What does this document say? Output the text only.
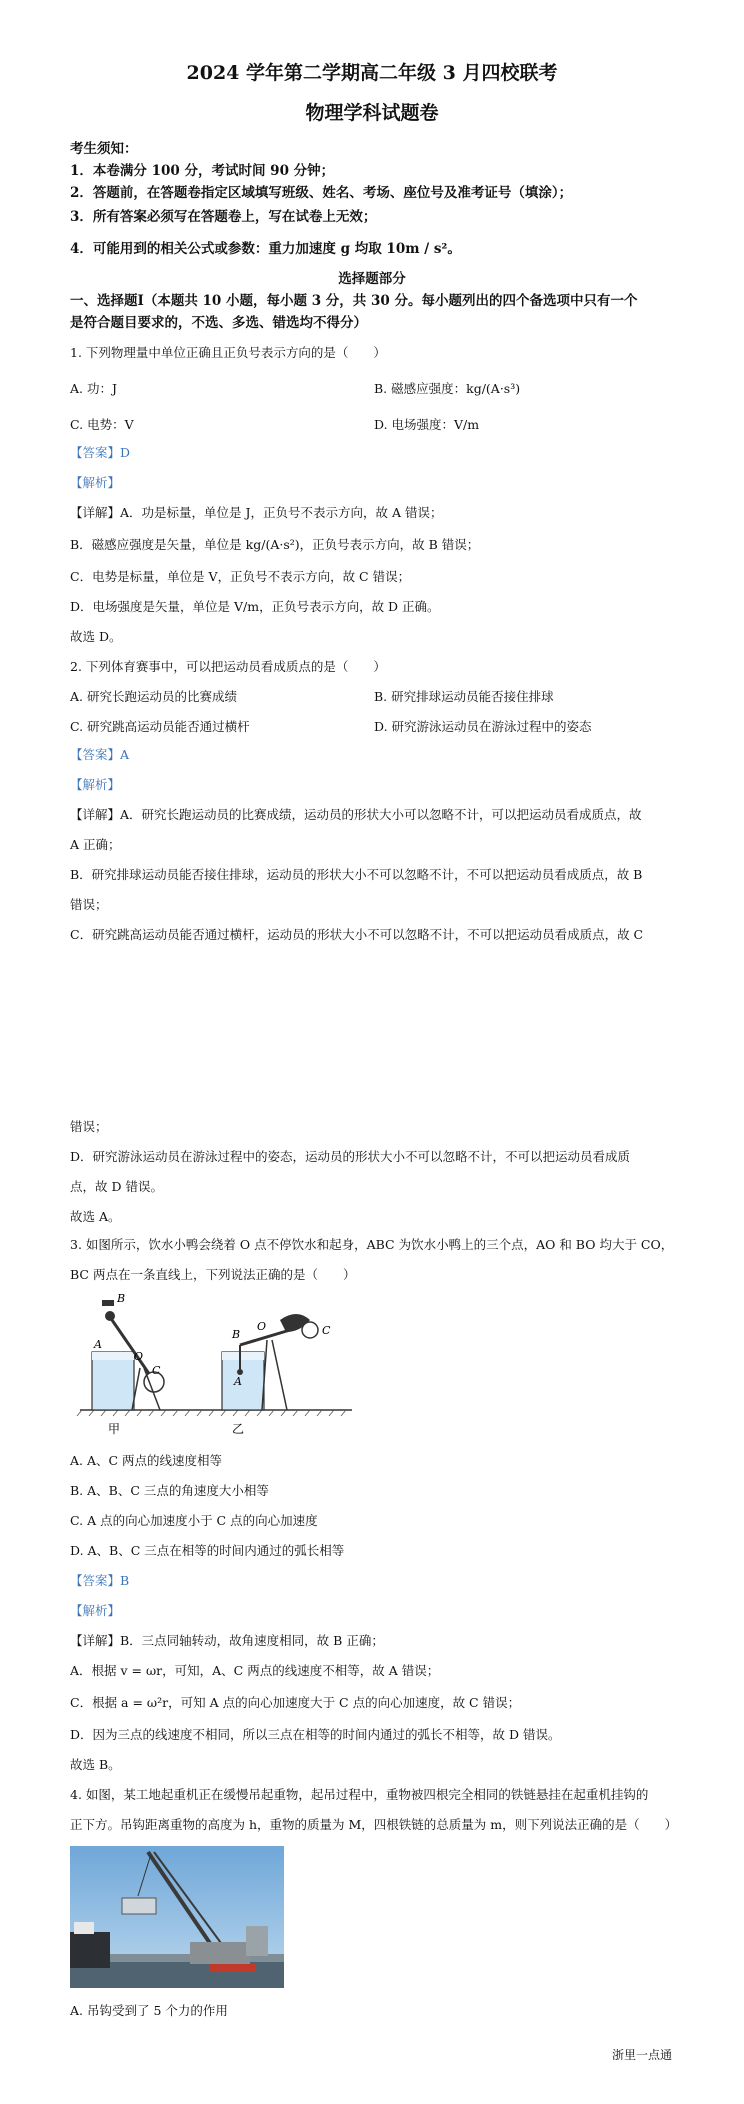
2024 学年第二学期高二年级 3 月四校联考
物理学科试题卷
考生须知：
1．本卷满分 100 分，考试时间 90 分钟；
2．答题前，在答题卷指定区域填写班级、姓名、考场、座位号及准考证号（填涂）；
3．所有答案必须写在答题卷上，写在试卷上无效；
4．可能用到的相关公式或参数：重力加速度 g 均取 10m / s²。
选择题部分
一、选择题Ⅰ（本题共 10 小题，每小题 3 分，共 30 分。每小题列出的四个备选项中只有一个
是符合题目要求的，不选、多选、错选均不得分）
1. 下列物理量中单位正确且正负号表示方向的是（　　）
A. 功：J	B. 磁感应强度：kg/(A·s³)
C. 电势：V	D. 电场强度：V/m
【答案】D
【解析】
【详解】A．功是标量，单位是 J，正负号不表示方向，故 A 错误；
B．磁感应强度是矢量，单位是 kg/(A·s²)，正负号表示方向，故 B 错误；
C．电势是标量，单位是 V，正负号不表示方向，故 C 错误；
D．电场强度是矢量，单位是 V/m，正负号表示方向，故 D 正确。
故选 D。
2. 下列体育赛事中，可以把运动员看成质点的是（　　）
A. 研究长跑运动员的比赛成绩	B. 研究排球运动员能否接住排球
C. 研究跳高运动员能否通过横杆	D. 研究游泳运动员在游泳过程中的姿态
【答案】A
【解析】
【详解】A．研究长跑运动员的比赛成绩，运动员的形状大小可以忽略不计，可以把运动员看成质点，故
A 正确；
B．研究排球运动员能否接住排球，运动员的形状大小不可以忽略不计，不可以把运动员看成质点，故 B
错误；
C．研究跳高运动员能否通过横杆，运动员的形状大小不可以忽略不计，不可以把运动员看成质点，故 C
错误；
D．研究游泳运动员在游泳过程中的姿态，运动员的形状大小不可以忽略不计，不可以把运动员看成质
点，故 D 错误。
故选 A。
3. 如图所示，饮水小鸭会绕着 O 点不停饮水和起身，ABC 为饮水小鸭上的三个点，AO 和 BO 均大于 CO，
BC 两点在一条直线上，下列说法正确的是（　　）
B
A
O
C
B
A
O	C
甲	乙
A. A、C 两点的线速度相等
B. A、B、C 三点的角速度大小相等
C. A 点的向心加速度小于 C 点的向心加速度
D. A、B、C 三点在相等的时间内通过的弧长相等
【答案】B
【解析】
【详解】B．三点同轴转动，故角速度相同，故 B 正确；
A．根据 v = ωr，可知，A、C 两点的线速度不相等，故 A 错误；
C．根据 a = ω²r，可知 A 点的向心加速度大于 C 点的向心加速度，故 C 错误；
D．因为三点的线速度不相同，所以三点在相等的时间内通过的弧长不相等，故 D 错误。
故选 B。
4. 如图，某工地起重机正在缓慢吊起重物，起吊过程中，重物被四根完全相同的铁链悬挂在起重机挂钩的
正下方。吊钩距离重物的高度为 h，重物的质量为 M，四根铁链的总质量为 m，则下列说法正确的是（　　）
A. 吊钩受到了 5 个力的作用
浙里一点通
